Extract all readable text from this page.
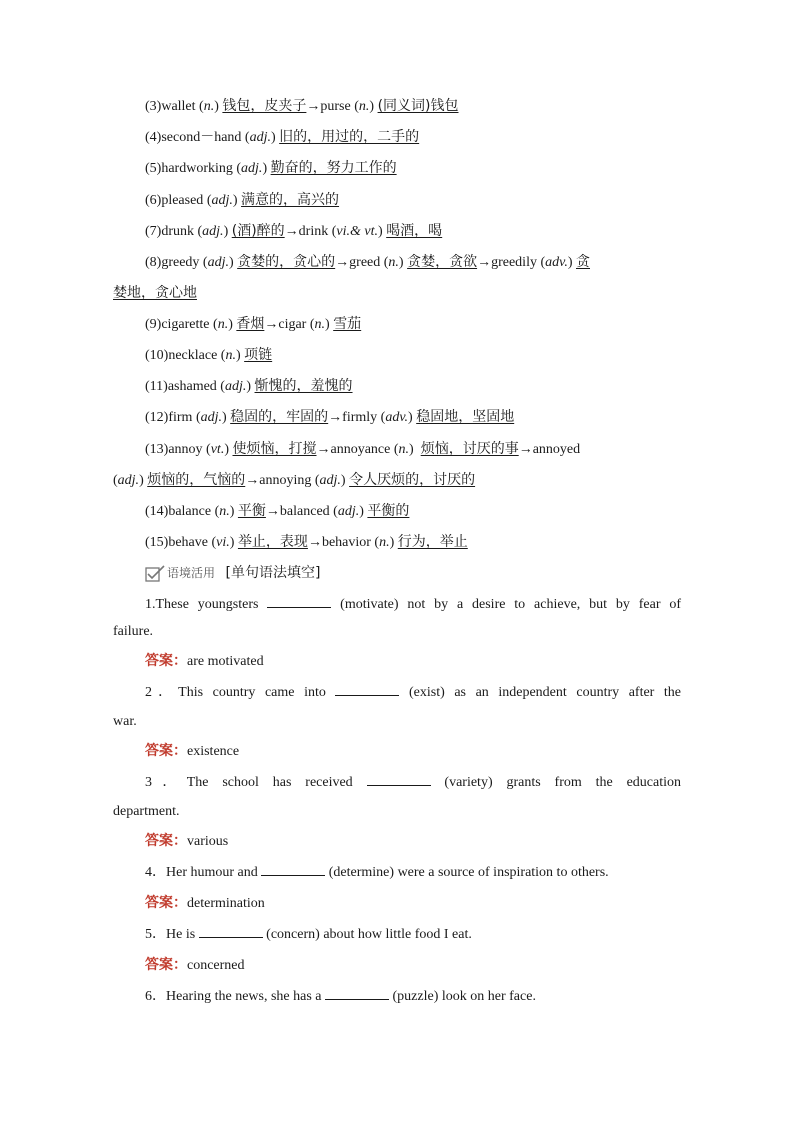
(3)wallet (n.) 钱包，皮夹子→purse (n.) (同义词)钱包
(4)second－hand (adj.) 旧的，用过的，二手的
(5)hardworking (adj.) 勤奋的，努力工作的
(6)pleased (adj.) 满意的，高兴的
(7)drunk (adj.) (酒)醉的→drink (vi.& vt.) 喝酒，喝
(8)greedy (adj.) 贪婪的，贪心的→greed (n.) 贪婪，贪欲→greedily (adv.) 贪
婪地，贪心地
(9)cigarette (n.) 香烟→cigar (n.) 雪茄
(10)necklace (n.) 项链
(11)ashamed (adj.) 惭愧的，羞愧的
(12)firm (adj.) 稳固的，牢固的→firmly (adv.) 稳固地，坚固地
(13)annoy (vt.) 使烦恼，打搅→annoyance (n.)  烦恼，讨厌的事→annoyed
(adj.) 烦恼的，气恼的→annoying (adj.) 令人厌烦的，讨厌的
(14)balance (n.) 平衡→balanced (adj.) 平衡的
(15)behave (vi.) 举止，表现→behavior (n.) 行为，举止
语境活用 [单句语法填空]
1.These youngsters	(motivate) not by a desire to achieve, but by fear of
failure.
答案：are motivated
2．This country came into	(exist) as an independent country after the
war.
答案：existence
3．The school has received	(variety) grants from the education
department.
答案：various
4．Her humour and	(determine) were a source of inspiration to others.
答案：determination
5．He is	(concern) about how little food I eat.
答案：concerned
6．Hearing the news, she has a	(puzzle) look on her face.
